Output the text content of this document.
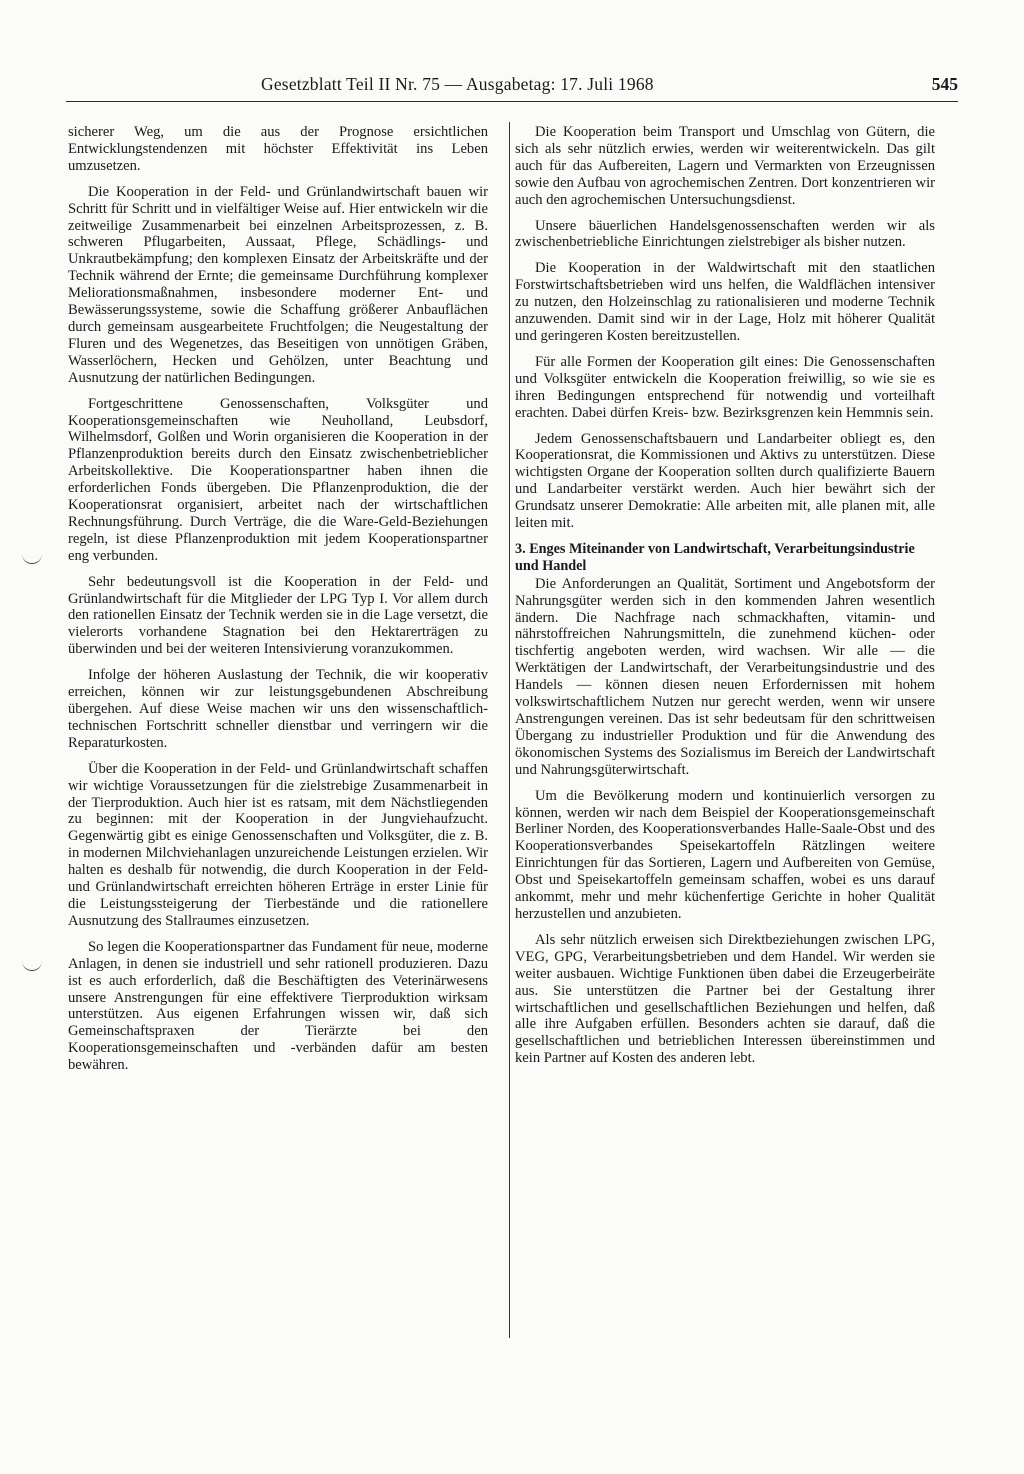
Gesetzblatt Teil II Nr. 75 — Ausgabetag: 17. Juli 1968	545

sicherer Weg, um die aus der Prognose ersichtlichen Entwicklungstendenzen mit höchster Effektivität ins Leben umzusetzen.

Die Kooperation in der Feld- und Grünlandwirtschaft bauen wir Schritt für Schritt und in vielfältiger Weise auf. Hier entwickeln wir die zeitweilige Zusammenarbeit bei einzelnen Arbeitsprozessen, z. B. schweren Pflugarbeiten, Aussaat, Pflege, Schädlings- und Unkrautbekämpfung; den komplexen Einsatz der Arbeitskräfte und der Technik während der Ernte; die gemeinsame Durchführung komplexer Meliorationsmaßnahmen, insbesondere moderner Ent- und Bewässerungssysteme, sowie die Schaffung größerer Anbauflächen durch gemeinsam ausgearbeitete Fruchtfolgen; die Neugestaltung der Fluren und des Wegenetzes, das Beseitigen von unnötigen Gräben, Wasserlöchern, Hecken und Gehölzen, unter Beachtung und Ausnutzung der natürlichen Bedingungen.

Fortgeschrittene Genossenschaften, Volksgüter und Kooperationsgemeinschaften wie Neuholland, Leubsdorf, Wilhelmsdorf, Golßen und Worin organisieren die Kooperation in der Pflanzenproduktion bereits durch den Einsatz zwischenbetrieblicher Arbeitskollektive. Die Kooperationspartner haben ihnen die erforderlichen Fonds übergeben. Die Pflanzenproduktion, die der Kooperationsrat organisiert, arbeitet nach der wirtschaftlichen Rechnungsführung. Durch Verträge, die die Ware-Geld-Beziehungen regeln, ist diese Pflanzenproduktion mit jedem Kooperationspartner eng verbunden.

Sehr bedeutungsvoll ist die Kooperation in der Feld- und Grünlandwirtschaft für die Mitglieder der LPG Typ I. Vor allem durch den rationellen Einsatz der Technik werden sie in die Lage versetzt, die vielerorts vorhandene Stagnation bei den Hektarerträgen zu überwinden und bei der weiteren Intensivierung voranzukommen.

Infolge der höheren Auslastung der Technik, die wir kooperativ erreichen, können wir zur leistungsgebundenen Abschreibung übergehen. Auf diese Weise machen wir uns den wissenschaftlich-technischen Fortschritt schneller dienstbar und verringern wir die Reparaturkosten.

Über die Kooperation in der Feld- und Grünlandwirtschaft schaffen wir wichtige Voraussetzungen für die zielstrebige Zusammenarbeit in der Tierproduktion. Auch hier ist es ratsam, mit dem Nächstliegenden zu beginnen: mit der Kooperation in der Jungviehaufzucht. Gegenwärtig gibt es einige Genossenschaften und Volksgüter, die z. B. in modernen Milchviehanlagen unzureichende Leistungen erzielen. Wir halten es deshalb für notwendig, die durch Kooperation in der Feld- und Grünlandwirtschaft erreichten höheren Erträge in erster Linie für die Leistungssteigerung der Tierbestände und die rationellere Ausnutzung des Stallraumes einzusetzen.

So legen die Kooperationspartner das Fundament für neue, moderne Anlagen, in denen sie industriell und sehr rationell produzieren. Dazu ist es auch erforderlich, daß die Beschäftigten des Veterinärwesens unsere Anstrengungen für eine effektivere Tierproduktion wirksam unterstützen. Aus eigenen Erfahrungen wissen wir, daß sich Gemeinschaftspraxen der Tierärzte bei den Kooperationsgemeinschaften und -verbänden dafür am besten bewähren.

Die Kooperation beim Transport und Umschlag von Gütern, die sich als sehr nützlich erwies, werden wir weiterentwickeln. Das gilt auch für das Aufbereiten, Lagern und Vermarkten von Erzeugnissen sowie den Aufbau von agrochemischen Zentren. Dort konzentrieren wir auch den agrochemischen Untersuchungsdienst.

Unsere bäuerlichen Handelsgenossenschaften werden wir als zwischenbetriebliche Einrichtungen zielstrebiger als bisher nutzen.

Die Kooperation in der Waldwirtschaft mit den staatlichen Forstwirtschaftsbetrieben wird uns helfen, die Waldflächen intensiver zu nutzen, den Holzeinschlag zu rationalisieren und moderne Technik anzuwenden. Damit sind wir in der Lage, Holz mit höherer Qualität und geringeren Kosten bereitzustellen.

Für alle Formen der Kooperation gilt eines: Die Genossenschaften und Volksgüter entwickeln die Kooperation freiwillig, so wie sie es ihren Bedingungen entsprechend für notwendig und vorteilhaft erachten. Dabei dürfen Kreis- bzw. Bezirksgrenzen kein Hemmnis sein.

Jedem Genossenschaftsbauern und Landarbeiter obliegt es, den Kooperationsrat, die Kommissionen und Aktivs zu unterstützen. Diese wichtigsten Organe der Kooperation sollten durch qualifizierte Bauern und Landarbeiter verstärkt werden. Auch hier bewährt sich der Grundsatz unserer Demokratie: Alle arbeiten mit, alle planen mit, alle leiten mit.

3. Enges Miteinander von Landwirtschaft, Verarbeitungsindustrie und Handel

Die Anforderungen an Qualität, Sortiment und Angebotsform der Nahrungsgüter werden sich in den kommenden Jahren wesentlich ändern. Die Nachfrage nach schmackhaften, vitamin- und nährstoffreichen Nahrungsmitteln, die zunehmend küchen- oder tischfertig angeboten werden, wird wachsen. Wir alle — die Werktätigen der Landwirtschaft, der Verarbeitungsindustrie und des Handels — können diesen neuen Erfordernissen mit hohem volkswirtschaftlichem Nutzen nur gerecht werden, wenn wir unsere Anstrengungen vereinen. Das ist sehr bedeutsam für den schrittweisen Übergang zu industrieller Produktion und für die Anwendung des ökonomischen Systems des Sozialismus im Bereich der Landwirtschaft und Nahrungsgüterwirtschaft.

Um die Bevölkerung modern und kontinuierlich versorgen zu können, werden wir nach dem Beispiel der Kooperationsgemeinschaft Berliner Norden, des Kooperationsverbandes Halle-Saale-Obst und des Kooperationsverbandes Speisekartoffeln Rätzlingen weitere Einrichtungen für das Sortieren, Lagern und Aufbereiten von Gemüse, Obst und Speisekartoffeln gemeinsam schaffen, wobei es uns darauf ankommt, mehr und mehr küchenfertige Gerichte in hoher Qualität herzustellen und anzubieten.

Als sehr nützlich erweisen sich Direktbeziehungen zwischen LPG, VEG, GPG, Verarbeitungsbetrieben und dem Handel. Wir werden sie weiter ausbauen. Wichtige Funktionen üben dabei die Erzeugerbeiräte aus. Sie unterstützen die Partner bei der Gestaltung ihrer wirtschaftlichen und gesellschaftlichen Beziehungen und helfen, daß alle ihre Aufgaben erfüllen. Besonders achten sie darauf, daß die gesellschaftlichen und betrieblichen Interessen übereinstimmen und kein Partner auf Kosten des anderen lebt.
